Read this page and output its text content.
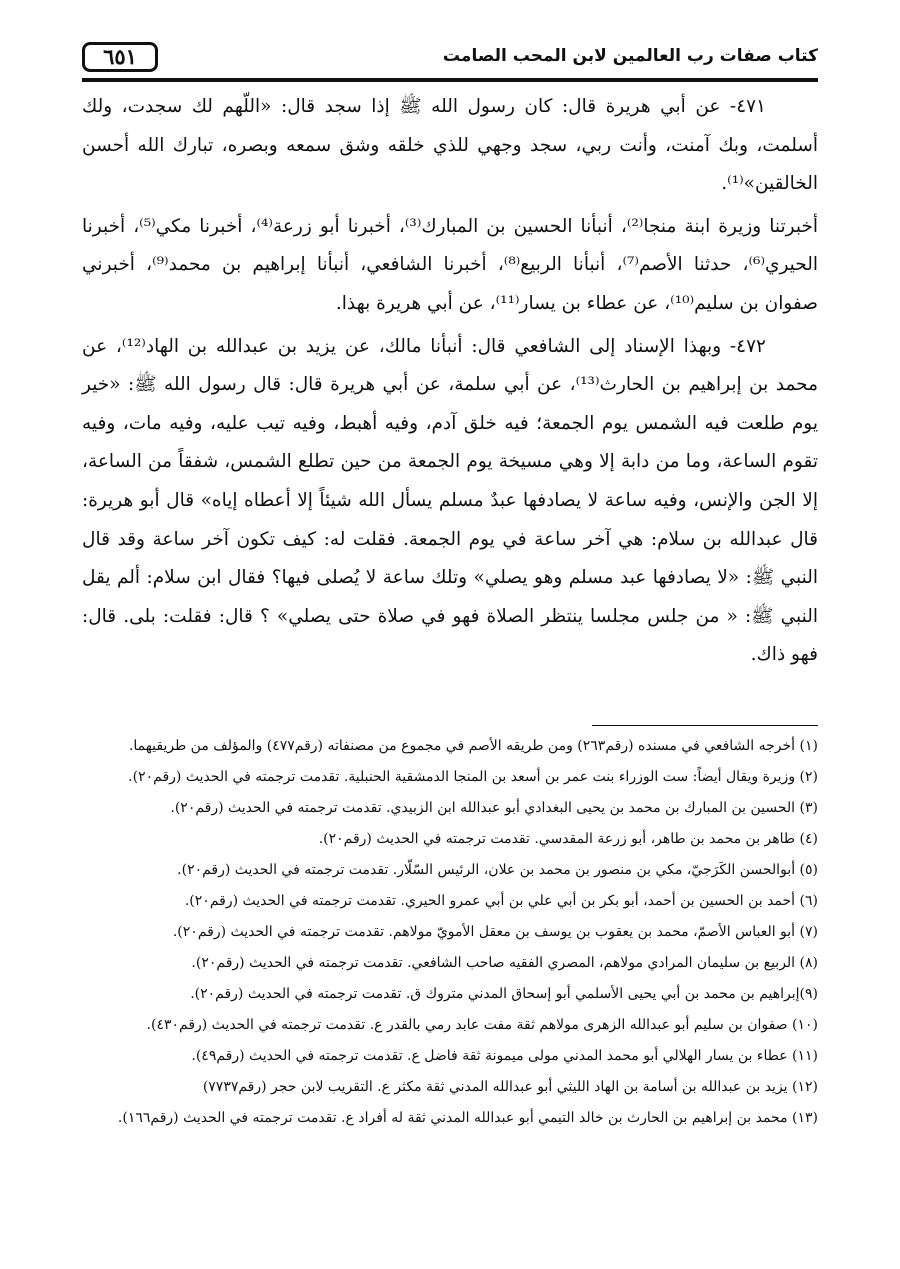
٦٥١	كتاب صفات رب العالمين لابن المحب الصامت

٤٧١- عن أبي هريرة قال: كان رسول الله ﷺ إذا سجد قال: «اللّهم لك سجدت، ولك أسلمت، وبك آمنت، وأنت ربي، سجد وجهي للذي خلقه وشق سمعه وبصره، تبارك الله أحسن الخالقين»⁽¹⁾.

أخبرتنا وزيرة ابنة منجا⁽²⁾، أنبأنا الحسين بن المبارك⁽³⁾، أخبرنا أبو زرعة⁽⁴⁾، أخبرنا مكي⁽⁵⁾، أخبرنا الحيري⁽⁶⁾، حدثنا الأصم⁽⁷⁾، أنبأنا الربيع⁽⁸⁾، أخبرنا الشافعي، أنبأنا إبراهيم بن محمد⁽⁹⁾، أخبرني صفوان بن سليم⁽¹⁰⁾، عن عطاء بن يسار⁽¹¹⁾، عن أبي هريرة بهذا.

٤٧٢- وبهذا الإسناد إلى الشافعي قال: أنبأنا مالك، عن يزيد بن عبدالله بن الهاد⁽¹²⁾، عن محمد بن إبراهيم بن الحارث⁽¹³⁾، عن أبي سلمة، عن أبي هريرة قال: قال رسول الله ﷺ: «خير يوم طلعت فيه الشمس يوم الجمعة؛ فيه خلق آدم، وفيه أهبط، وفيه تيب عليه، وفيه مات، وفيه تقوم الساعة، وما من دابة إلا وهي مسيخة يوم الجمعة من حين تطلع الشمس، شفقاً من الساعة، إلا الجن والإنس، وفيه ساعة لا يصادفها عبدٌ مسلم يسأل الله شيئاً إلا أعطاه إياه» قال أبو هريرة: قال عبدالله بن سلام: هي آخر ساعة في يوم الجمعة. فقلت له: كيف تكون آخر ساعة وقد قال النبي ﷺ: «لا يصادفها عبد مسلم وهو يصلي» وتلك ساعة لا يُصلى فيها؟ فقال ابن سلام: ألم يقل النبي ﷺ: « من جلس مجلسا ينتظر الصلاة فهو في صلاة حتى يصلي» ؟ قال: فقلت: بلى. قال: فهو ذاك.

(١) أخرجه الشافعي في مسنده (رقم٢٦٣) ومن طريقه الأصم في مجموع من مصنفاته (رقم٤٧٧) والمؤلف من طريقيهما.
(٢) وزيرة ويقال أيضاً: ست الوزراء بنت عمر بن أسعد بن المنجا الدمشقية الحنبلية. تقدمت ترجمته في الحديث (رقم٢٠).
(٣) الحسين بن المبارك بن محمد بن يحيى البغدادي أبو عبدالله ابن الزبيدي. تقدمت ترجمته في الحديث (رقم٢٠).
(٤) طاهر بن محمد بن طاهر، أبو زرعة المقدسي. تقدمت ترجمته في الحديث (رقم٢٠).
(٥) أبوالحسن الكَرَجيّ، مكي بن منصور بن محمد بن علان، الرئيس السّلّار. تقدمت ترجمته في الحديث (رقم٢٠).
(٦) أحمد بن الحسين بن أحمد، أبو بكر بن أبي علي بن أبي عمرو الحيري. تقدمت ترجمته في الحديث (رقم٢٠).
(٧) أبو العباس الأصمّ، محمد بن يعقوب بن يوسف بن معقل الأمويّ مولاهم. تقدمت ترجمته في الحديث (رقم٢٠).
(٨) الربيع بن سليمان المرادي مولاهم، المصري الفقيه صاحب الشافعي. تقدمت ترجمته في الحديث (رقم٢٠).
(٩)إبراهيم بن محمد بن أبي يحيى الأسلمي أبو إسحاق المدني متروك ق. تقدمت ترجمته في الحديث (رقم٢٠).
(١٠) صفوان بن سليم أبو عبدالله الزهرى مولاهم ثقة مفت عابد رمي بالقدر ع. تقدمت ترجمته في الحديث (رقم٤٣٠).
(١١) عطاء بن يسار الهلالي أبو محمد المدني مولى ميمونة ثقة فاضل ع. تقدمت ترجمته في الحديث (رقم٤٩).
(١٢) يزيد بن عبدالله بن أسامة بن الهاد الليثي أبو عبدالله المدني ثقة مكثر ع. التقريب لابن حجر (رقم٧٧٣٧)
(١٣) محمد بن إبراهيم بن الحارث بن خالد التيمي أبو عبدالله المدني ثقة له أفراد ع. تقدمت ترجمته في الحديث (رقم١٦٦).
